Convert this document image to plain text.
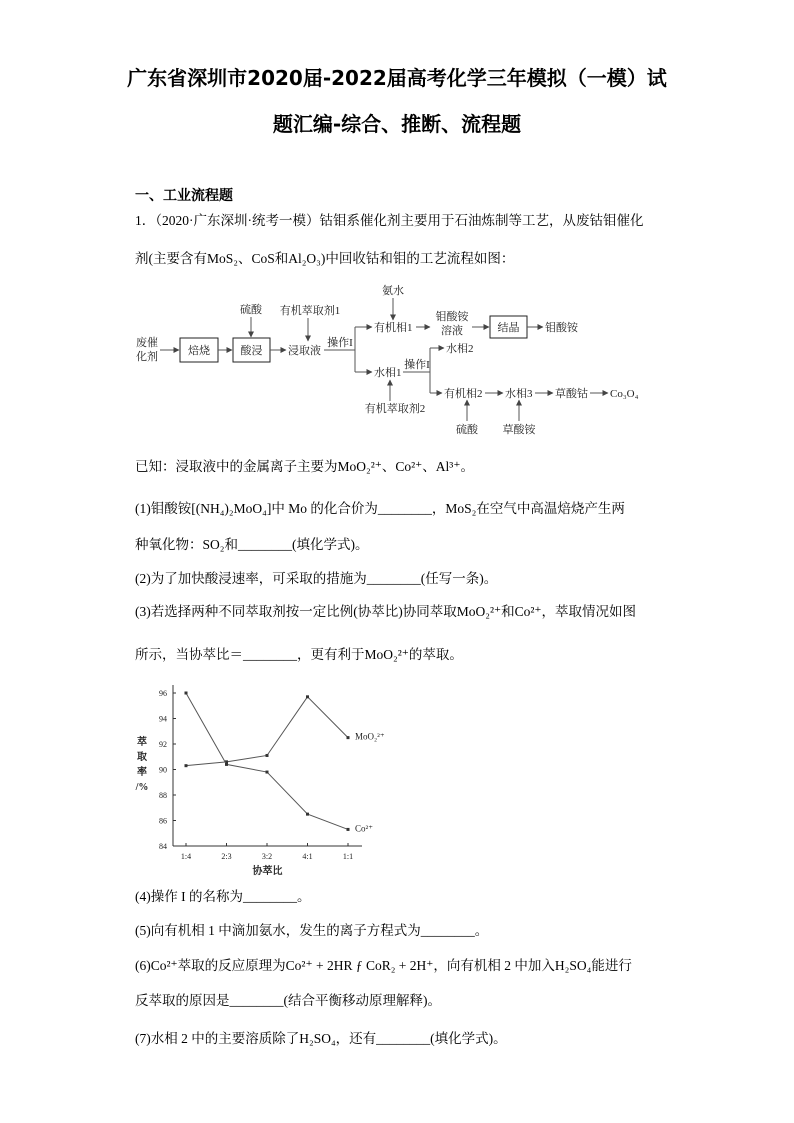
广东省深圳市2020届-2022届高考化学三年模拟（一模）试
题汇编-综合、推断、流程题
一、工业流程题
1．（2020·广东深圳·统考一模）钴钼系催化剂主要用于石油炼制等工艺，从废钴钼催化
剂(主要含有MoS₂、CoS和Al₂O₃)中回收钴和钼的工艺流程如图：
废催
化剂	焙烧	酸浸
硫酸
浸取液
有机萃取剂1
操作I
有机相1
氨水
钼酸铵
溶液	结晶 钼酸铵
水相1
有机萃取剂2
操作I
水相2
有机相2 水相3
硫酸
草酸钴
草酸铵
Co₃O₄
已知：浸取液中的金属离子主要为MoO₂²⁺、Co²⁺、Al³⁺。
(1)钼酸铵[(NH₄)₂MoO₄]中 Mo 的化合价为________，MoS₂在空气中高温焙烧产生两
种氧化物：SO₂和________(填化学式)。
(2)为了加快酸浸速率，可采取的措施为________(任写一条)。
(3)若选择两种不同萃取剂按一定比例(协萃比)协同萃取MoO₂²⁺和Co²⁺，萃取情况如图
所示，当协萃比＝________，更有利于MoO₂²⁺的萃取。
84
86
88
90
92
94
96
1:4	2:3	3:2	4:1	1:1
协萃比
萃
取
率
/%
MoO₂²⁺
Co²⁺
(4)操作 I 的名称为________。
(5)向有机相 1 中滴加氨水，发生的离子方程式为________。
(6)Co²⁺萃取的反应原理为Co²⁺ + 2HR ƒ CoR₂ + 2H⁺，向有机相 2 中加入H₂SO₄能进行
反萃取的原因是________(结合平衡移动原理解释)。
(7)水相 2 中的主要溶质除了H₂SO₄，还有________(填化学式)。
